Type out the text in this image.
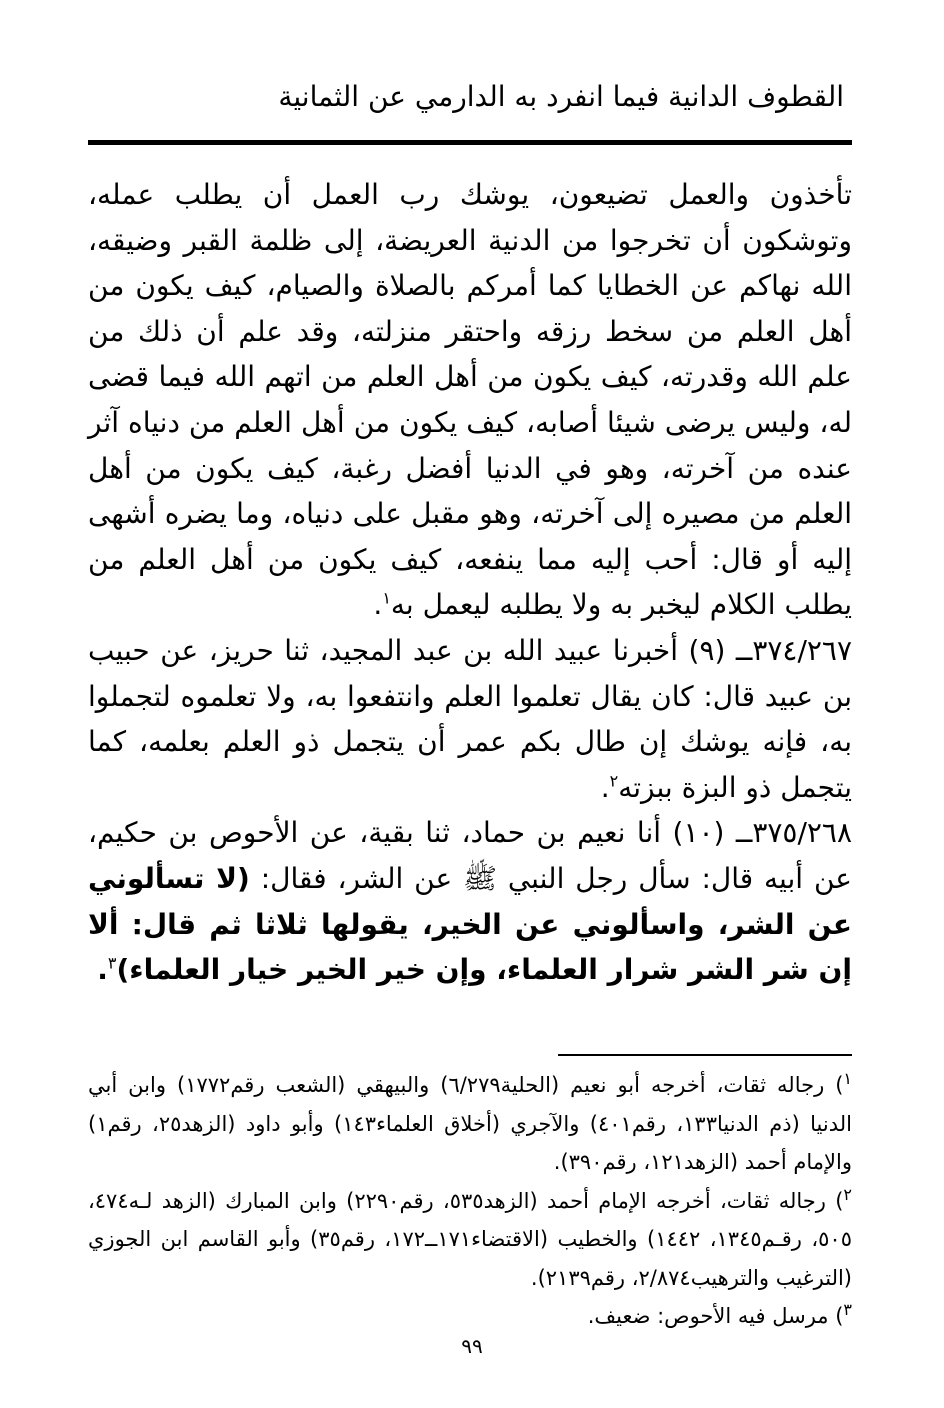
القطوف الدانية فيما انفرد به الدارمي عن الثمانية

تأخذون والعمل تضيعون، يوشك رب العمل أن يطلب عمله، وتوشكون أن تخرجوا من الدنية العريضة، إلى ظلمة القبر وضيقه، الله نهاكم عن الخطايا كما أمركم بالصلاة والصيام، كيف يكون من أهل العلم من سخط رزقه واحتقر منزلته، وقد علم أن ذلك من علم الله وقدرته، كيف يكون من أهل العلم من اتهم الله فيما قضى له، وليس يرضى شيئا أصابه، كيف يكون من أهل العلم من دنياه آثر عنده من آخرته، وهو في الدنيا أفضل رغبة، كيف يكون من أهل العلم من مصيره إلى آخرته، وهو مقبل على دنياه، وما يضره أشهى إليه أو قال: أحب إليه مما ينفعه، كيف يكون من أهل العلم من يطلب الكلام ليخبر به ولا يطلبه ليعمل به$^١$.

٣٧٤/٢٦٧ــ (٩) أخبرنا عبيد الله بن عبد المجيد، ثنا حريز، عن حبيب بن عبيد قال: كان يقال تعلموا العلم وانتفعوا به، ولا تعلموه لتجملوا به، فإنه يوشك إن طال بكم عمر أن يتجمل ذو العلم بعلمه، كما يتجمل ذو البزة ببزته$^٢$.

٣٧٥/٢٦٨ــ (١٠) أنا نعيم بن حماد، ثنا بقية، عن الأحوص بن حكيم، عن أبيه قال: سأل رجل النبي ﷺ عن الشر، فقال: (لا تسألوني عن الشر، واسألوني عن الخير، يقولها ثلاثا ثم قال: ألا إن شر الشر شرار العلماء، وإن خير الخير خيار العلماء)$^٣$.

$^١$) رجاله ثقات، أخرجه أبو نعيم (الحلية٦/٢٧٩) والبيهقي (الشعب رقم١٧٧٢) وابن أبي الدنيا (ذم الدنيا١٣٣، رقم٤٠١) والآجري (أخلاق العلماء١٤٣) وأبو داود (الزهد٢٥، رقم١) والإمام أحمد (الزهد١٢١، رقم٣٩٠).

$^٢$) رجاله ثقات، أخرجه الإمام أحمد (الزهد٥٣٥، رقم٢٢٩٠) وابن المبارك (الزهد لـه٤٧٤، ٥٠٥، رقـم١٣٤٥، ١٤٤٢) والخطيب (الاقتضاء١٧١ــ١٧٢، رقم٣٥) وأبو القاسم ابن الجوزي (الترغيب والترهيب٢/٨٧٤، رقم٢١٣٩).

$^٣$) مرسل فيه الأحوص: ضعيف.

٩٩
